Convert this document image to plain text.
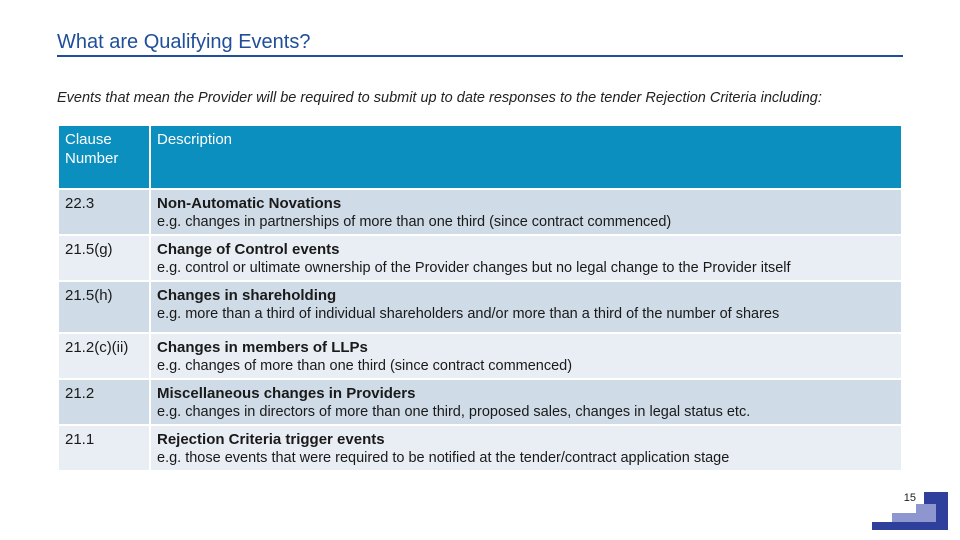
What are Qualifying Events?
Events that mean the Provider will be required to submit up to date responses to the tender Rejection Criteria including:
Clause Number	Description
22.3	Non-Automatic Novations
e.g. changes in partnerships of more than one third (since contract commenced)

21.5(g)	Change of Control events
e.g. control or ultimate ownership of the Provider changes but no legal change to the Provider itself

21.5(h)	Changes in shareholding
e.g. more than a third of individual shareholders and/or more than a third of the number of shares

21.2(c)(ii)	Changes in members of LLPs
e.g. changes of more than one third (since contract commenced)

21.2	Miscellaneous changes in Providers
e.g. changes in directors of more than one third, proposed sales, changes in legal status etc.

21.1	Rejection Criteria trigger events
e.g. those events that were required to be notified at the tender/contract application stage
15
